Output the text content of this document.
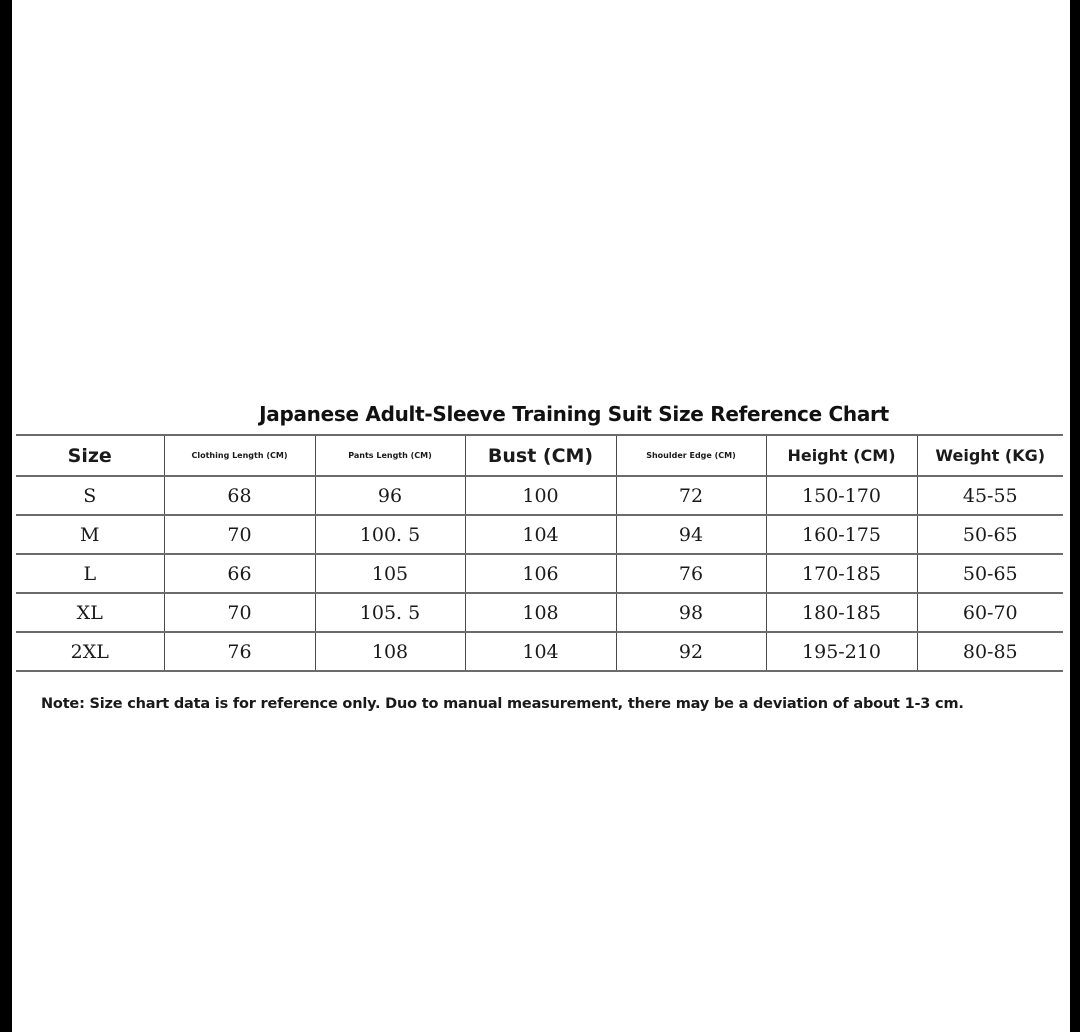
Japanese Adult-Sleeve Training Suit Size Reference Chart
Size	Clothing Length (CM)	Pants Length (CM)	Bust (CM)	Shoulder Edge (CM)	Height (CM)	Weight (KG)
S	68	96	100	72	150-170	45-55
M	70	100. 5	104	94	160-175	50-65
L	66	105	106	76	170-185	50-65
XL	70	105. 5	108	98	180-185	60-70
2XL	76	108	104	92	195-210	80-85
Note: Size chart data is for reference only. Duo to manual measurement, there may be a deviation of about 1-3 cm.
